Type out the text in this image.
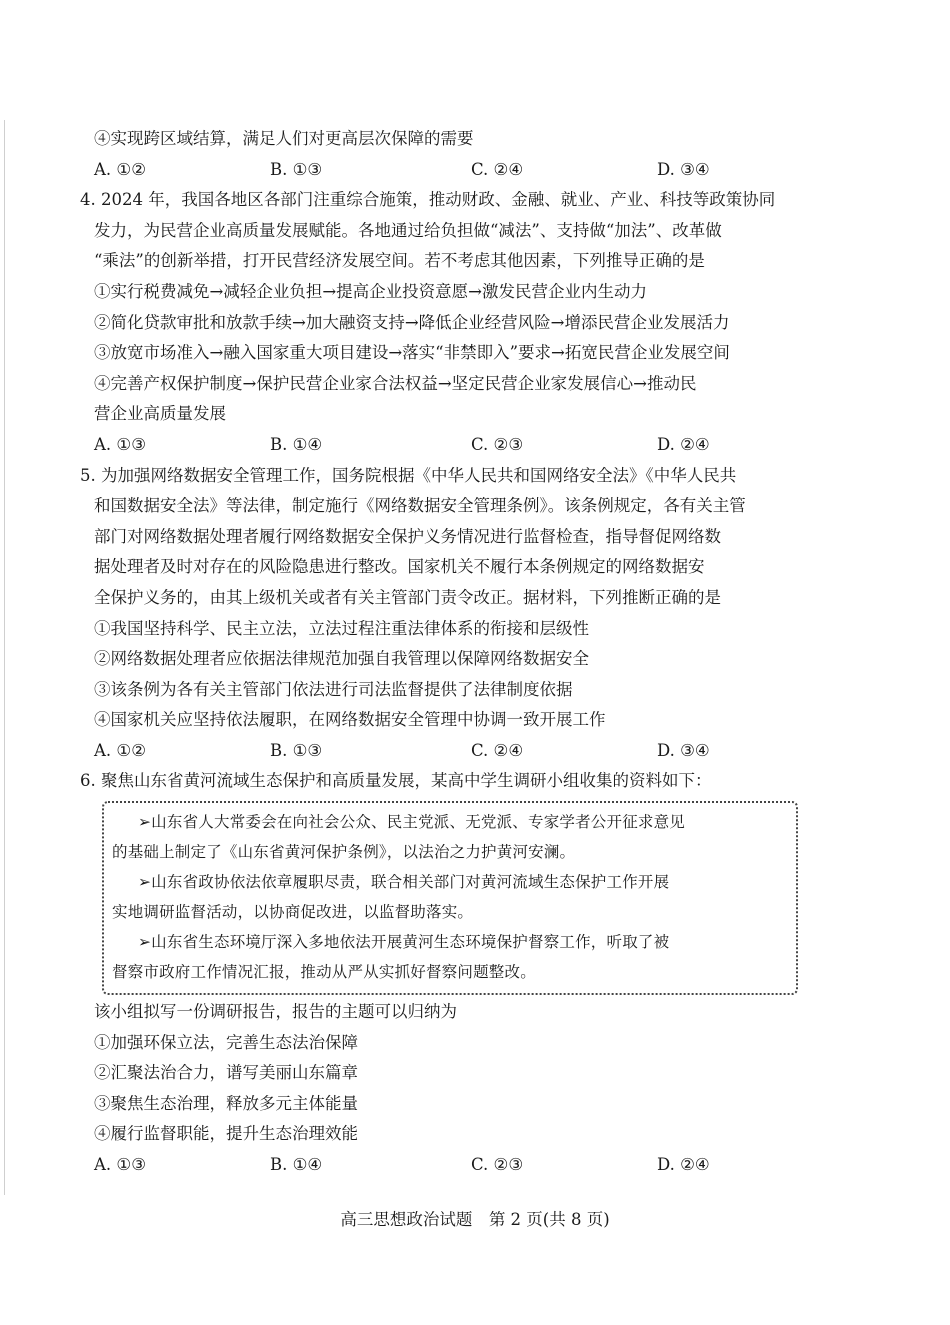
④实现跨区域结算，满足人们对更高层次保障的需要
A. ①②	B. ①③	C. ②④	D. ③④
4. 2024 年，我国各地区各部门注重综合施策，推动财政、金融、就业、产业、科技等政策协同
发力，为民营企业高质量发展赋能。各地通过给负担做“减法”、支持做“加法”、改革做
“乘法”的创新举措，打开民营经济发展空间。若不考虑其他因素，下列推导正确的是
①实行税费减免→减轻企业负担→提高企业投资意愿→激发民营企业内生动力
②简化贷款审批和放款手续→加大融资支持→降低企业经营风险→增添民营企业发展活力
③放宽市场准入→融入国家重大项目建设→落实“非禁即入”要求→拓宽民营企业发展空间
④完善产权保护制度→保护民营企业家合法权益→坚定民营企业家发展信心→推动民
营企业高质量发展
A. ①③	B. ①④	C. ②③	D. ②④
5. 为加强网络数据安全管理工作，国务院根据《中华人民共和国网络安全法》《中华人民共
和国数据安全法》等法律，制定施行《网络数据安全管理条例》。该条例规定，各有关主管
部门对网络数据处理者履行网络数据安全保护义务情况进行监督检查，指导督促网络数
据处理者及时对存在的风险隐患进行整改。国家机关不履行本条例规定的网络数据安
全保护义务的，由其上级机关或者有关主管部门责令改正。据材料，下列推断正确的是
①我国坚持科学、民主立法，立法过程注重法律体系的衔接和层级性
②网络数据处理者应依据法律规范加强自我管理以保障网络数据安全
③该条例为各有关主管部门依法进行司法监督提供了法律制度依据
④国家机关应坚持依法履职，在网络数据安全管理中协调一致开展工作
A. ①②	B. ①③	C. ②④	D. ③④
6. 聚焦山东省黄河流域生态保护和高质量发展，某高中学生调研小组收集的资料如下：
➢山东省人大常委会在向社会公众、民主党派、无党派、专家学者公开征求意见
的基础上制定了《山东省黄河保护条例》，以法治之力护黄河安澜。
➢山东省政协依法依章履职尽责，联合相关部门对黄河流域生态保护工作开展
实地调研监督活动，以协商促改进，以监督助落实。
➢山东省生态环境厅深入多地依法开展黄河生态环境保护督察工作，听取了被
督察市政府工作情况汇报，推动从严从实抓好督察问题整改。
该小组拟写一份调研报告，报告的主题可以归纳为
①加强环保立法，完善生态法治保障
②汇聚法治合力，谱写美丽山东篇章
③聚焦生态治理，释放多元主体能量
④履行监督职能，提升生态治理效能
A. ①③	B. ①④	C. ②③	D. ②④
高三思想政治试题　第 2 页(共 8 页)
